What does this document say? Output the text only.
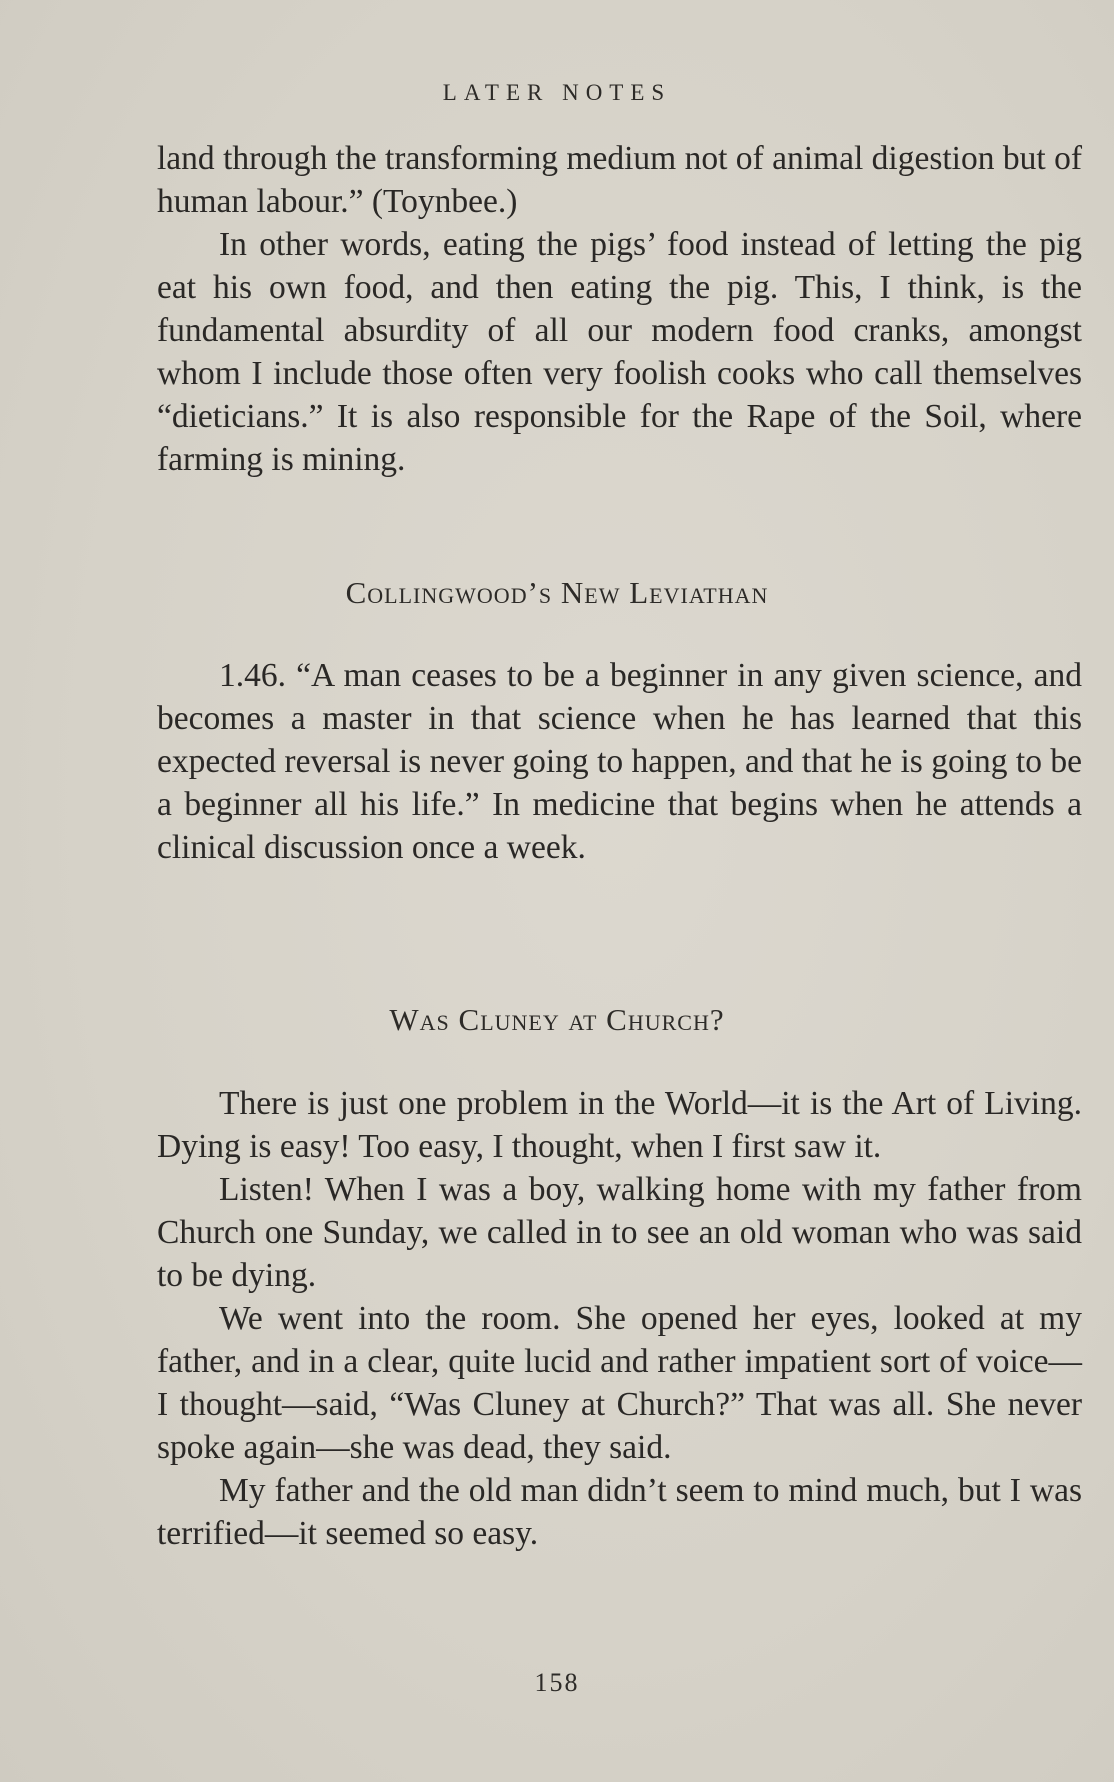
LATER NOTES

land through the transforming medium not of animal digestion but of human labour.” (Toynbee.)

In other words, eating the pigs’ food instead of letting the pig eat his own food, and then eating the pig. This, I think, is the fundamental absurdity of all our modern food cranks, amongst whom I include those often very foolish cooks who call themselves “dieticians.” It is also responsible for the Rape of the Soil, where farming is mining.

Collingwood’s New Leviathan

1.46. “A man ceases to be a beginner in any given science, and becomes a master in that science when he has learned that this expected reversal is never going to happen, and that he is going to be a beginner all his life.” In medicine that begins when he attends a clinical discussion once a week.

Was Cluney at Church?

There is just one problem in the World—it is the Art of Living. Dying is easy! Too easy, I thought, when I first saw it.

Listen! When I was a boy, walking home with my father from Church one Sunday, we called in to see an old woman who was said to be dying.

We went into the room. She opened her eyes, looked at my father, and in a clear, quite lucid and rather impatient sort of voice—I thought—said, “Was Cluney at Church?” That was all. She never spoke again—she was dead, they said.

My father and the old man didn’t seem to mind much, but I was terrified—it seemed so easy.

158
